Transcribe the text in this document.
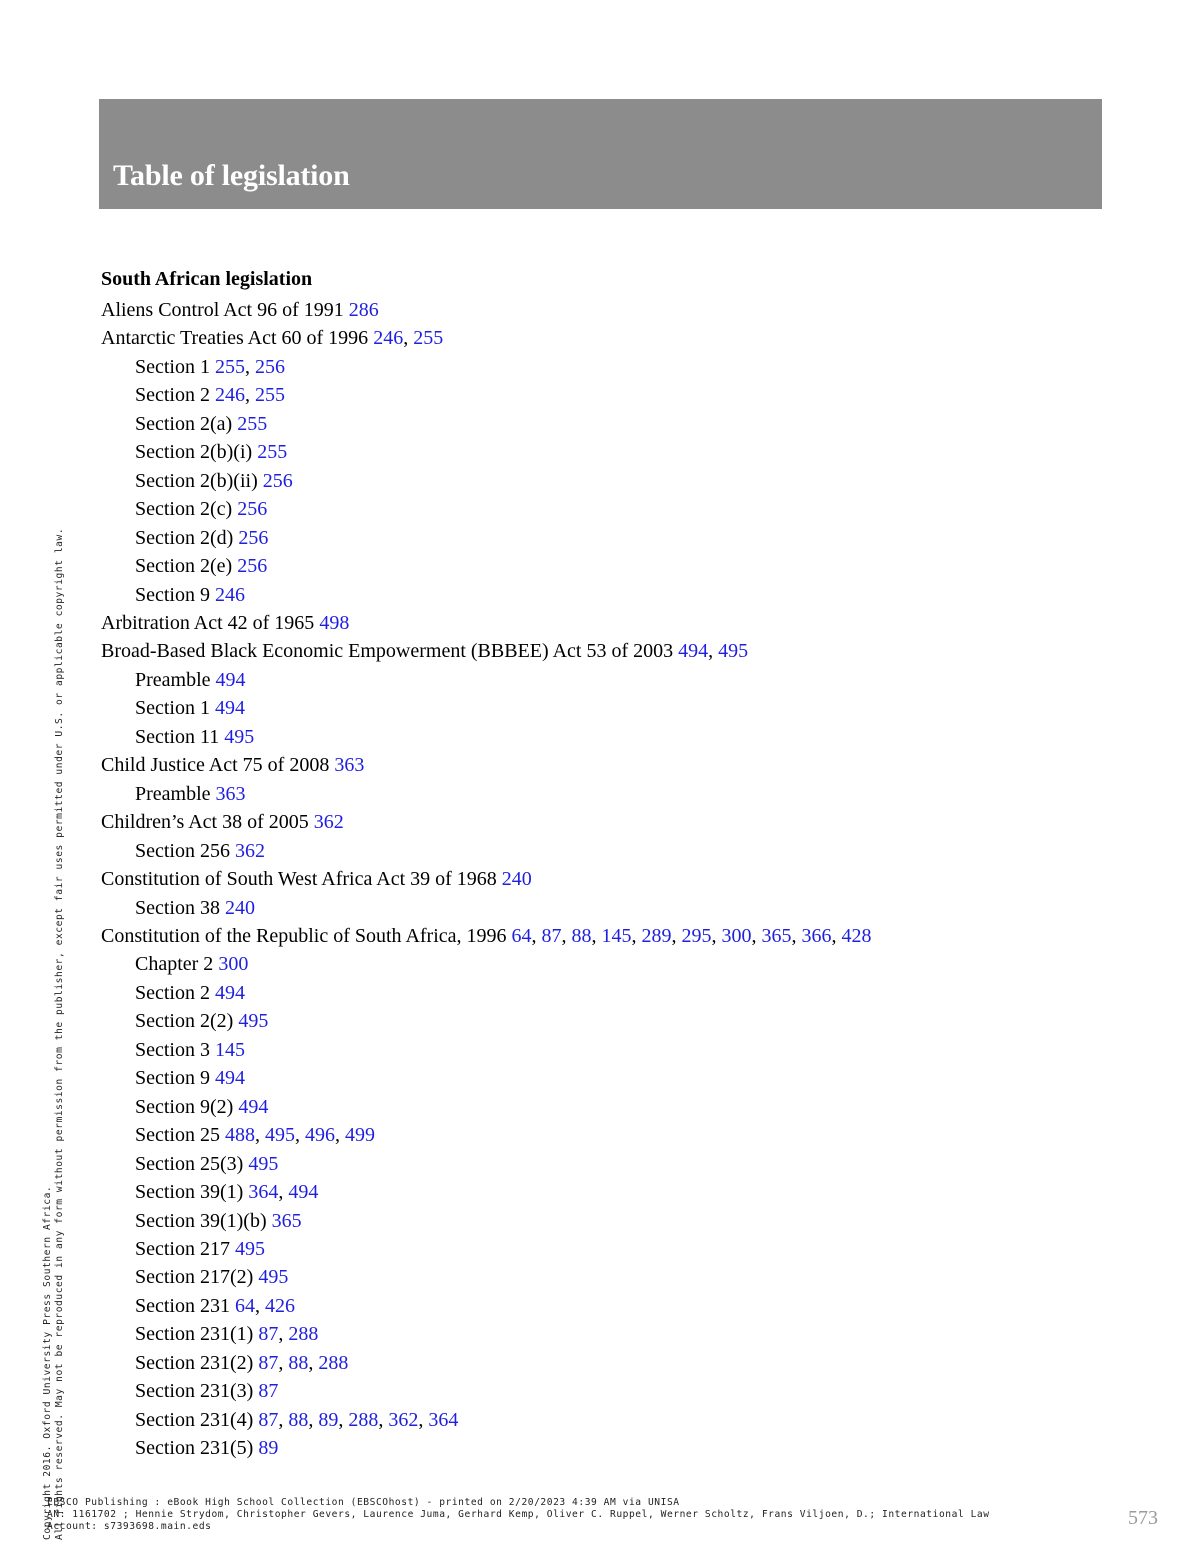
Table of legislation
South African legislation
Aliens Control Act 96 of 1991 286
Antarctic Treaties Act 60 of 1996 246, 255
Section 1 255, 256
Section 2 246, 255
Section 2(a) 255
Section 2(b)(i) 255
Section 2(b)(ii) 256
Section 2(c) 256
Section 2(d) 256
Section 2(e) 256
Section 9 246
Arbitration Act 42 of 1965 498
Broad-Based Black Economic Empowerment (BBBEE) Act 53 of 2003 494, 495
Preamble 494
Section 1 494
Section 11 495
Child Justice Act 75 of 2008 363
Preamble 363
Children’s Act 38 of 2005 362
Section 256 362
Constitution of South West Africa Act 39 of 1968 240
Section 38 240
Constitution of the Republic of South Africa, 1996 64, 87, 88, 145, 289, 295, 300, 365, 366, 428
Chapter 2 300
Section 2 494
Section 2(2) 495
Section 3 145
Section 9 494
Section 9(2) 494
Section 25 488, 495, 496, 499
Section 25(3) 495
Section 39(1) 364, 494
Section 39(1)(b) 365
Section 217 495
Section 217(2) 495
Section 231 64, 426
Section 231(1) 87, 288
Section 231(2) 87, 88, 288
Section 231(3) 87
Section 231(4) 87, 88, 89, 288, 362, 364
Section 231(5) 89
Copyright 2016. Oxford University Press Southern Africa. All rights reserved. May not be reproduced in any form without permission from the publisher, except fair uses permitted under U.S. or applicable copyright law.
EBSCO Publishing : eBook High School Collection (EBSCOhost) - printed on 2/20/2023 4:39 AM via UNISA
AN: 1161702 ; Hennie Strydom, Christopher Gevers, Laurence Juma, Gerhard Kemp, Oliver C. Ruppel, Werner Scholtz, Frans Viljoen, D.; International Law
Account: s7393698.main.eds	573
